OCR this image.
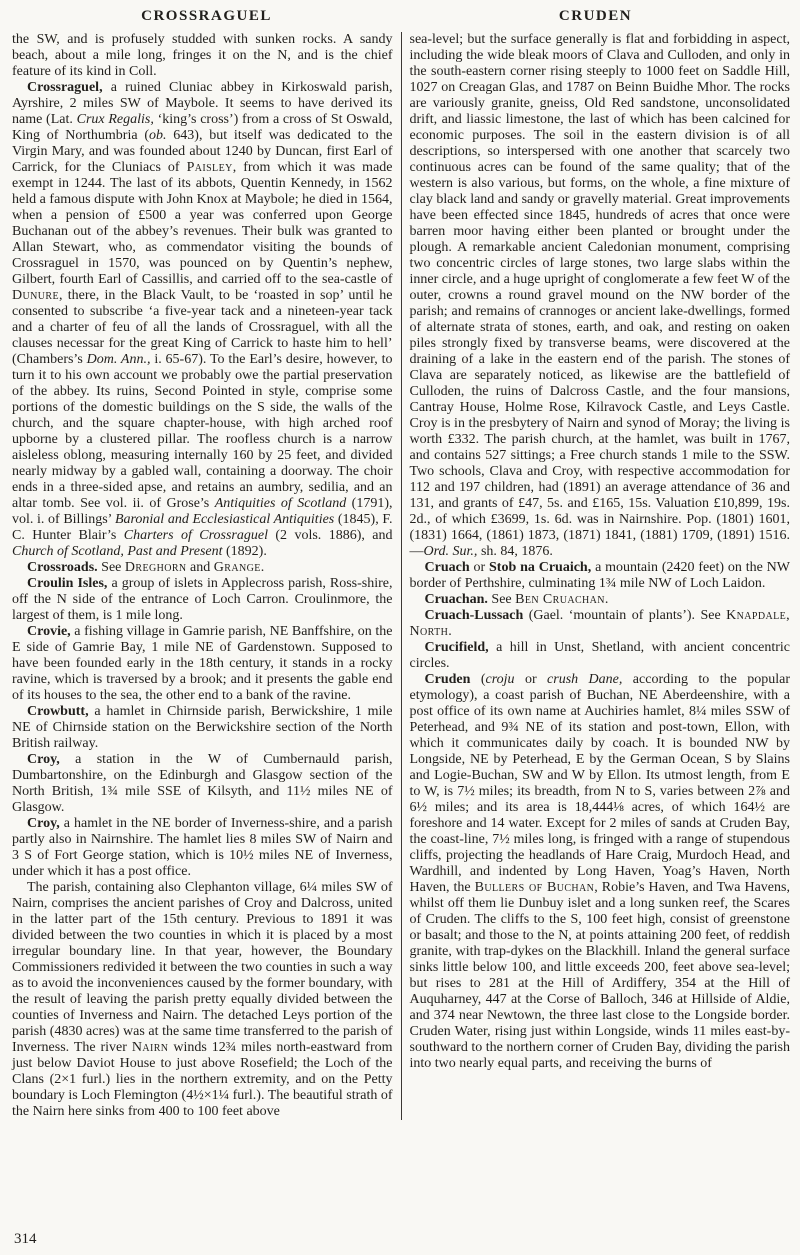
CROSSRAGUEL	CRUDEN

the SW, and is profusely studded with sunken rocks. A sandy beach, about a mile long, fringes it on the N, and is the chief feature of its kind in Coll.

Crossraguel, a ruined Cluniac abbey in Kirkoswald parish, Ayrshire, 2 miles SW of Maybole. It seems to have derived its name (Lat. Crux Regalis, ‘king’s cross’) from a cross of St Oswald, King of Northumbria (ob. 643), but itself was dedicated to the Virgin Mary, and was founded about 1240 by Duncan, first Earl of Carrick, for the Cluniacs of Paisley, from which it was made exempt in 1244. The last of its abbots, Quentin Kennedy, in 1562 held a famous dispute with John Knox at Maybole; he died in 1564, when a pension of £500 a year was conferred upon George Buchanan out of the abbey’s revenues. Their bulk was granted to Allan Stewart, who, as commendator visiting the bounds of Crossraguel in 1570, was pounced on by Quentin’s nephew, Gilbert, fourth Earl of Cassillis, and carried off to the sea-castle of Dunure, there, in the Black Vault, to be ‘roasted in sop’ until he consented to subscribe ‘a five-year tack and a nineteen-year tack and a charter of feu of all the lands of Crossraguel, with all the clauses necessar for the great King of Carrick to haste him to hell’ (Chambers’s Dom. Ann., i. 65-67). To the Earl’s desire, however, to turn it to his own account we probably owe the partial preservation of the abbey. Its ruins, Second Pointed in style, comprise some portions of the domestic buildings on the S side, the walls of the church, and the square chapter-house, with high arched roof upborne by a clustered pillar. The roofless church is a narrow aisleless oblong, measuring internally 160 by 25 feet, and divided nearly midway by a gabled wall, containing a doorway. The choir ends in a three-sided apse, and retains an aumbry, sedilia, and an altar tomb. See vol. ii. of Grose’s Antiquities of Scotland (1791), vol. i. of Billings’ Baronial and Ecclesiastical Antiquities (1845), F. C. Hunter Blair’s Charters of Crossraguel (2 vols. 1886), and Church of Scotland, Past and Present (1892).

Crossroads. See Dreghorn and Grange.

Croulin Isles, a group of islets in Applecross parish, Ross-shire, off the N side of the entrance of Loch Carron. Croulinmore, the largest of them, is 1 mile long.

Crovie, a fishing village in Gamrie parish, NE Banffshire, on the E side of Gamrie Bay, 1 mile NE of Gardenstown. Supposed to have been founded early in the 18th century, it stands in a rocky ravine, which is traversed by a brook; and it presents the gable end of its houses to the sea, the other end to a bank of the ravine.

Crowbutt, a hamlet in Chirnside parish, Berwickshire, 1 mile NE of Chirnside station on the Berwickshire section of the North British railway.

Croy, a station in the W of Cumbernauld parish, Dumbartonshire, on the Edinburgh and Glasgow section of the North British, 1¾ mile SSE of Kilsyth, and 11½ miles NE of Glasgow.

Croy, a hamlet in the NE border of Inverness-shire, and a parish partly also in Nairnshire. The hamlet lies 8 miles SW of Nairn and 3 S of Fort George station, which is 10½ miles NE of Inverness, under which it has a post office.

The parish, containing also Clephanton village, 6¼ miles SW of Nairn, comprises the ancient parishes of Croy and Dalcross, united in the latter part of the 15th century. Previous to 1891 it was divided between the two counties in which it is placed by a most irregular boundary line. In that year, however, the Boundary Commissioners redivided it between the two counties in such a way as to avoid the inconveniences caused by the former boundary, with the result of leaving the parish pretty equally divided between the counties of Inverness and Nairn. The detached Leys portion of the parish (4830 acres) was at the same time transferred to the parish of Inverness. The river Nairn winds 12¾ miles north-eastward from just below Daviot House to just above Rosefield; the Loch of the Clans (2×1 furl.) lies in the northern extremity, and on the Petty boundary is Loch Flemington (4½×1¼ furl.). The beautiful strath of the Nairn here sinks from 400 to 100 feet above

sea-level; but the surface generally is flat and forbidding in aspect, including the wide bleak moors of Clava and Culloden, and only in the south-eastern corner rising steeply to 1000 feet on Saddle Hill, 1027 on Creagan Glas, and 1787 on Beinn Buidhe Mhor. The rocks are variously granite, gneiss, Old Red sandstone, unconsolidated drift, and liassic limestone, the last of which has been calcined for economic purposes. The soil in the eastern division is of all descriptions, so interspersed with one another that scarcely two continuous acres can be found of the same quality; that of the western is also various, but forms, on the whole, a fine mixture of clay black land and sandy or gravelly material. Great improvements have been effected since 1845, hundreds of acres that once were barren moor having either been planted or brought under the plough. A remarkable ancient Caledonian monument, comprising two concentric circles of large stones, two large slabs within the inner circle, and a huge upright of conglomerate a few feet W of the outer, crowns a round gravel mound on the NW border of the parish; and remains of crannoges or ancient lake-dwellings, formed of alternate strata of stones, earth, and oak, and resting on oaken piles strongly fixed by transverse beams, were discovered at the draining of a lake in the eastern end of the parish. The stones of Clava are separately noticed, as likewise are the battlefield of Culloden, the ruins of Dalcross Castle, and the four mansions, Cantray House, Holme Rose, Kilravock Castle, and Leys Castle. Croy is in the presbytery of Nairn and synod of Moray; the living is worth £332. The parish church, at the hamlet, was built in 1767, and contains 527 sittings; a Free church stands 1 mile to the SSW. Two schools, Clava and Croy, with respective accommodation for 112 and 197 children, had (1891) an average attendance of 36 and 131, and grants of £47, 5s. and £165, 15s. Valuation £10,899, 19s. 2d., of which £3699, 1s. 6d. was in Nairnshire. Pop. (1801) 1601, (1831) 1664, (1861) 1873, (1871) 1841, (1881) 1709, (1891) 1516.—Ord. Sur., sh. 84, 1876.

Cruach or Stob na Cruaich, a mountain (2420 feet) on the NW border of Perthshire, culminating 1¾ mile NW of Loch Laidon.

Cruachan. See Ben Cruachan.

Cruach-Lussach (Gael. ‘mountain of plants’). See Knapdale, North.

Crucifield, a hill in Unst, Shetland, with ancient concentric circles.

Cruden (croju or crush Dane, according to the popular etymology), a coast parish of Buchan, NE Aberdeenshire, with a post office of its own name at Auchiries hamlet, 8¼ miles SSW of Peterhead, and 9¾ NE of its station and post-town, Ellon, with which it communicates daily by coach. It is bounded NW by Longside, NE by Peterhead, E by the German Ocean, S by Slains and Logie-Buchan, SW and W by Ellon. Its utmost length, from E to W, is 7½ miles; its breadth, from N to S, varies between 2⅞ and 6½ miles; and its area is 18,444⅛ acres, of which 164½ are foreshore and 14 water. Except for 2 miles of sands at Cruden Bay, the coast-line, 7½ miles long, is fringed with a range of stupendous cliffs, projecting the headlands of Hare Craig, Murdoch Head, and Wardhill, and indented by Long Haven, Yoag’s Haven, North Haven, the Bullers of Buchan, Robie’s Haven, and Twa Havens, whilst off them lie Dunbuy islet and a long sunken reef, the Scares of Cruden. The cliffs to the S, 100 feet high, consist of greenstone or basalt; and those to the N, at points attaining 200 feet, of reddish granite, with trap-dykes on the Blackhill. Inland the general surface sinks little below 100, and little exceeds 200, feet above sea-level; but rises to 281 at the Hill of Ardiffery, 354 at the Hill of Auquharney, 447 at the Corse of Balloch, 346 at Hillside of Aldie, and 374 near Newtown, the three last close to the Longside border. Cruden Water, rising just within Longside, winds 11 miles east-by-southward to the northern corner of Cruden Bay, dividing the parish into two nearly equal parts, and receiving the burns of

314
